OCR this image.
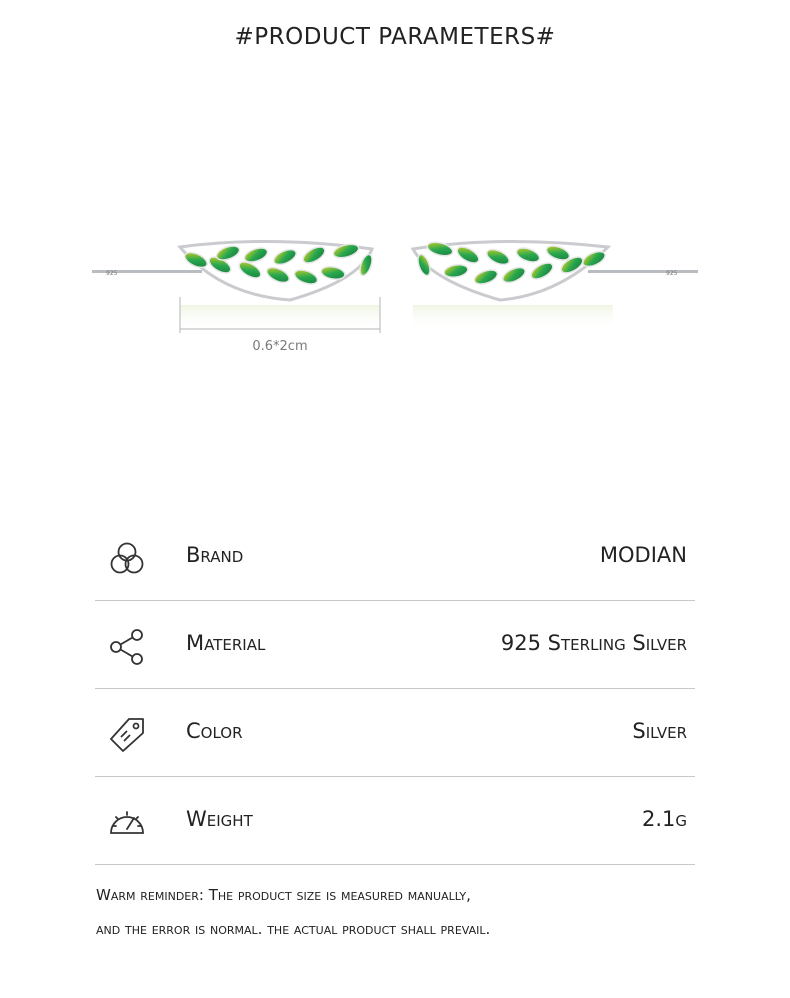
#PRODUCT PARAMETERS#
925	925
0.6*2cm
Brand	MODIAN
Material	925 Sterling Silver
Color	Silver
Weight	2.1g
Warm reminder: The product size is measured manually,
and the error is normal. the actual product shall prevail.
